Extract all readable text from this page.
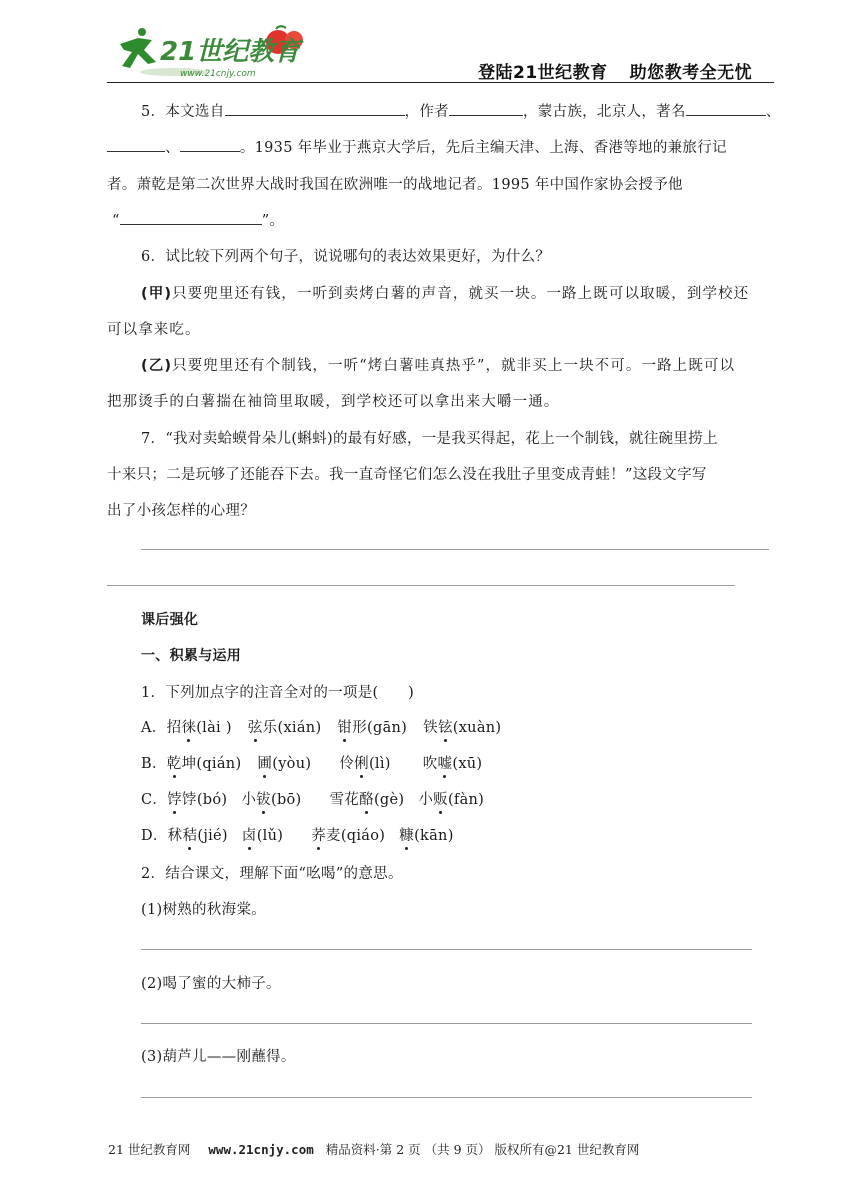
21世纪教育
www.21cnjy.com	登陆21世纪教育 助您教考全无忧
5．本文选自	，作者	，蒙古族，北京人，著名	、
、	。1935 年毕业于燕京大学后，先后主编天津、上海、香港等地的兼旅行记
者。萧乾是第二次世界大战时我国在欧洲唯一的战地记者。1995 年中国作家协会授予他
“	”。
6．试比较下列两个句子，说说哪句的表达效果更好，为什么？
(甲)只要兜里还有钱，一听到卖烤白薯的声音，就买一块。一路上既可以取暖，到学校还
可以拿来吃。
(乙)只要兜里还有个制钱，一听“烤白薯哇真热乎”，就非买上一块不可。一路上既可以
把那烫手的白薯揣在袖筒里取暖，到学校还可以拿出来大嚼一通。
7．“我对卖蛤蟆骨朵儿(蝌蚪)的最有好感，一是我买得起，花上一个制钱，就往碗里捞上
十来只；二是玩够了还能吞下去。我一直奇怪它们怎么没在我肚子里变成青蛙！”这段文字写
出了小孩怎样的心理？
课后强化
一、积累与运用
1．下列加点字的注音全对的一项是(　　)
A．招徕(lài ) 弦乐(xián) 钳形(gān) 铁铉(xuàn)
B．乾坤(qián) 圃(yòu) 伶俐(lì) 吹嘘(xū)
C．饽饽(bó) 小钹(bō) 雪花酪(gè) 小贩(fàn)
D．秫秸(jié) 卤(lǔ) 荞麦(qiáo) 糠(kān)
2．结合课文，理解下面“吆喝”的意思。
(1)树熟的秋海棠。
(2)喝了蜜的大柿子。
(3)葫芦儿——刚蘸得。
21 世纪教育网 www.21cnjy.com 精品资料·第 2 页 （共 9 页） 版权所有@21 世纪教育网
